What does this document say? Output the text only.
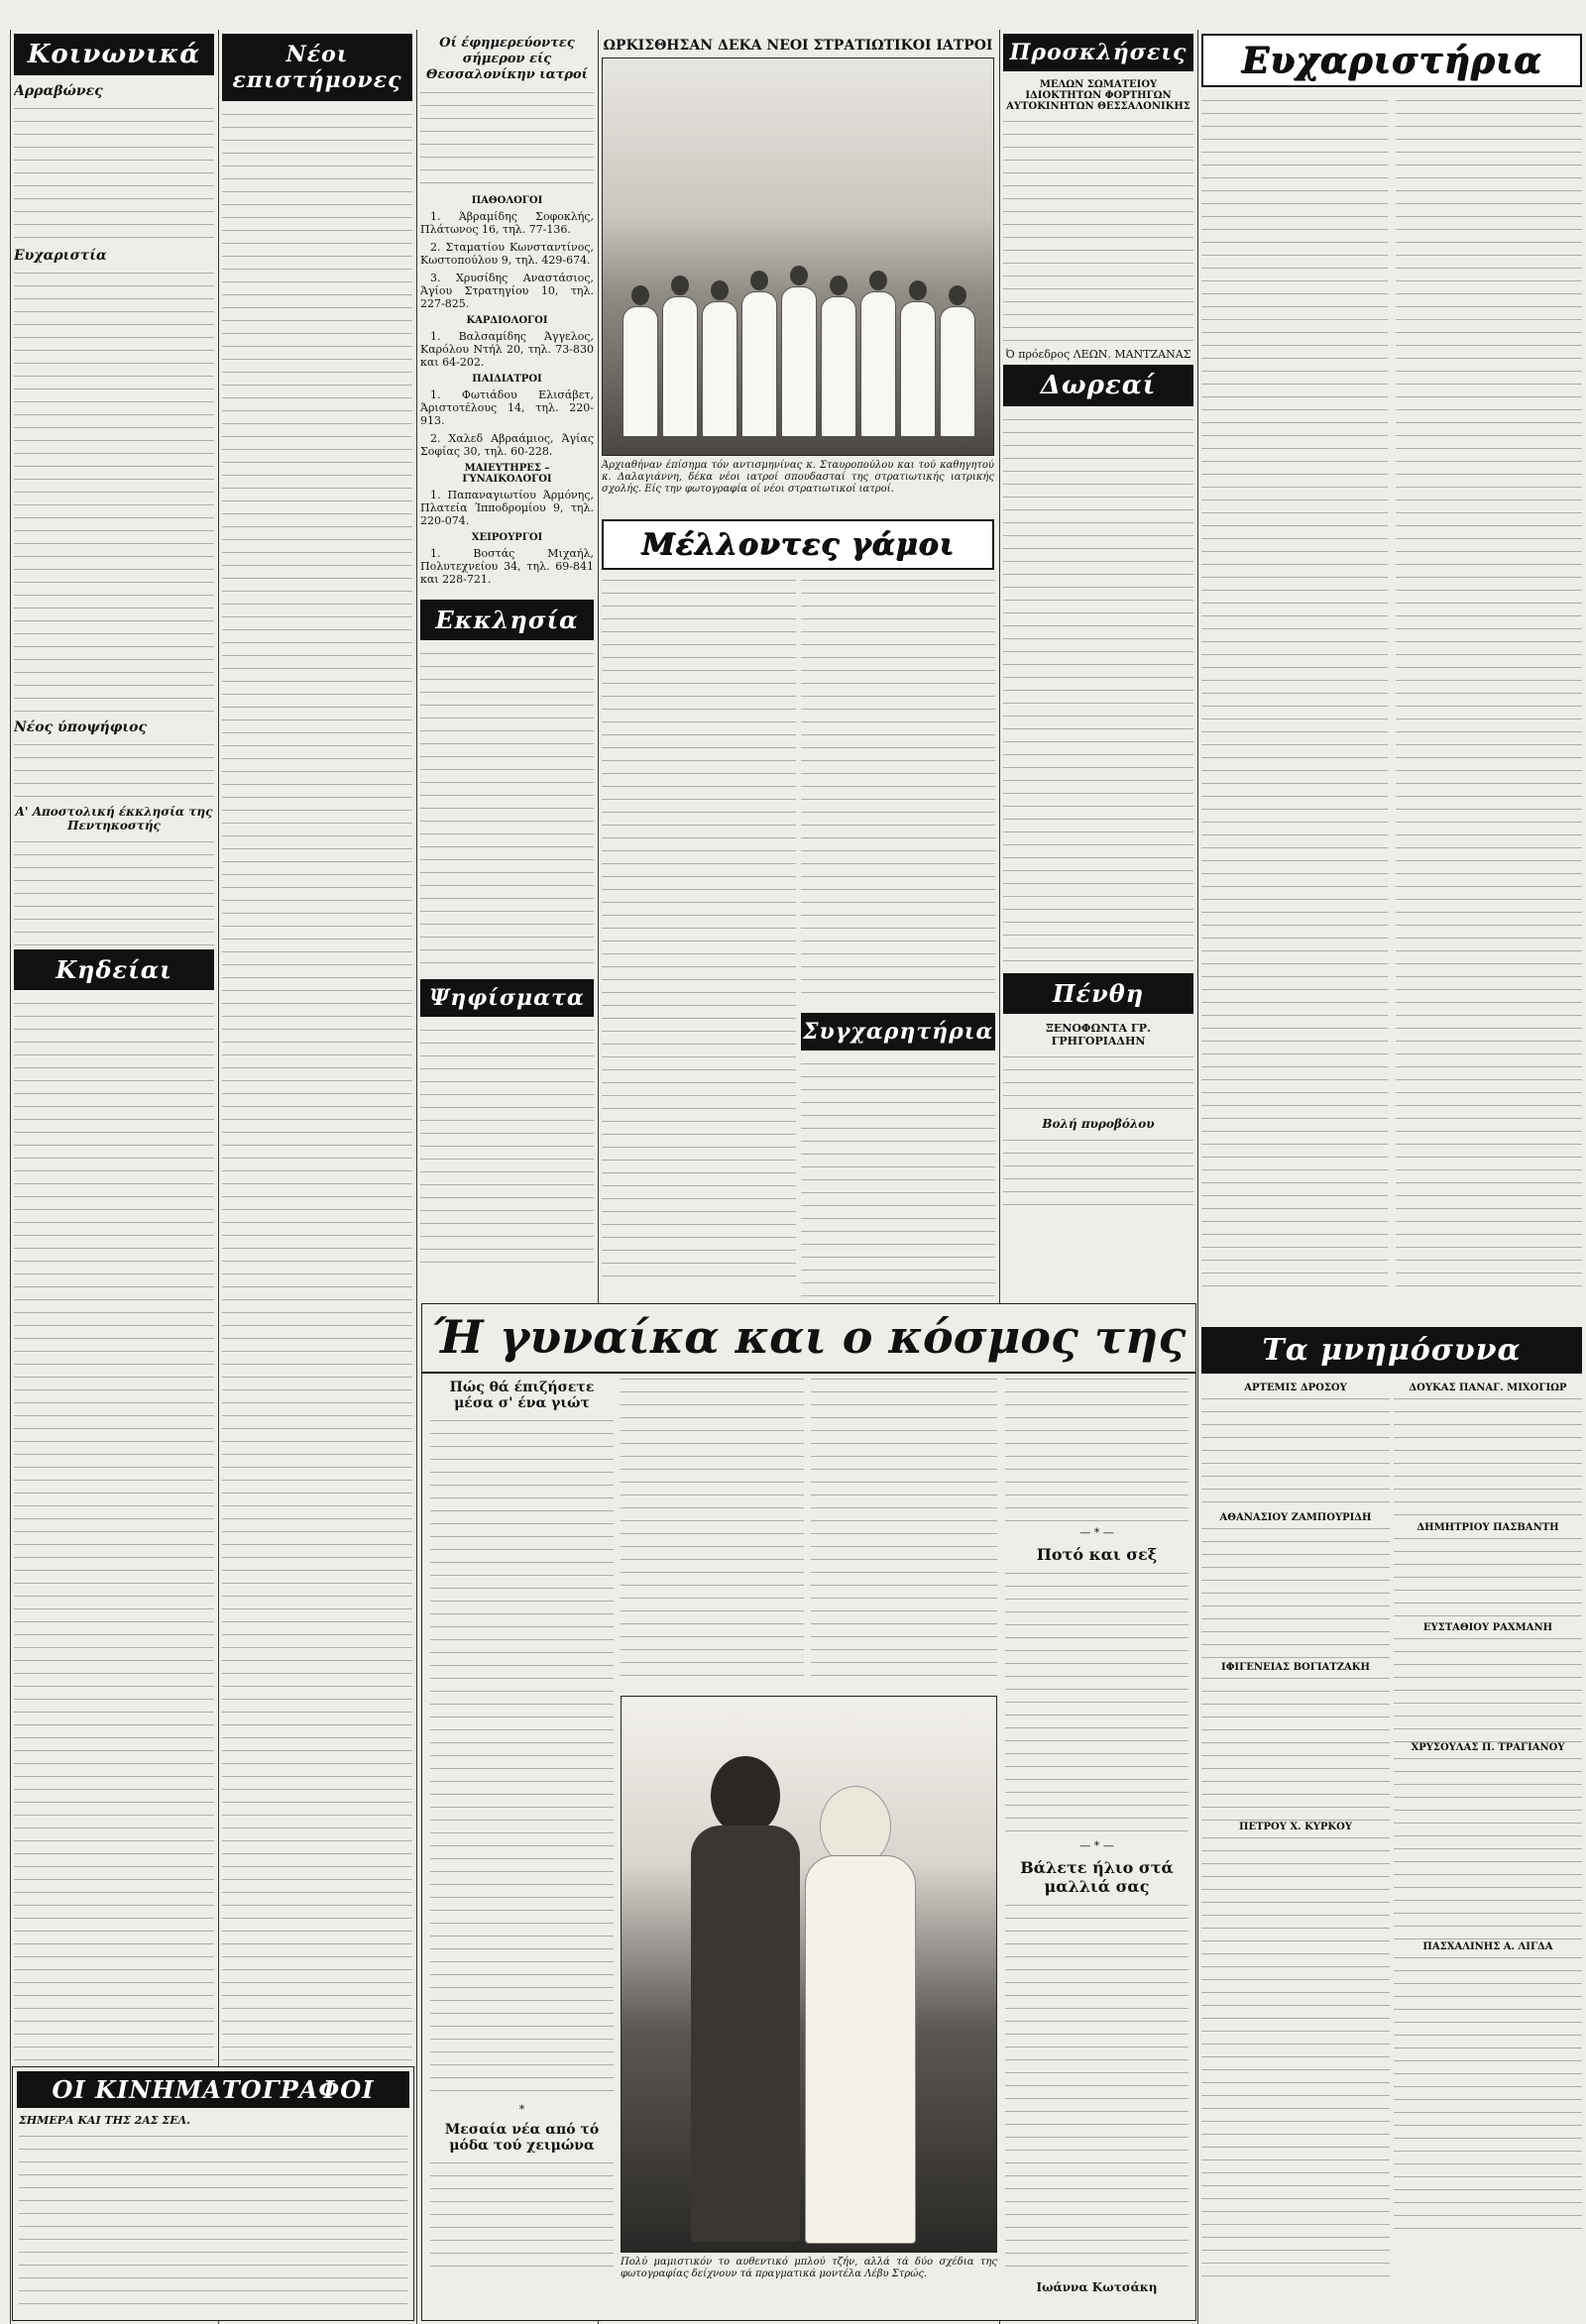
Κοινωνικά
Αρραβώνες
Ευχαριστία
Νέος ύποψήφιος
Α' Αποστολική έκκλησία της Πεντηκοστής
Κηδείαι
ΟΙ ΚΙΝΗΜΑΤΟΓΡΑΦΟΙ
ΣΗΜΕΡΑ ΚΑΙ ΤΗΣ 2ΑΣ ΣΕΛ.
Νέοι επιστήμονες
Οί έφημερεύοντες σήμερον είς Θεσσαλονίκην ιατροί
ΠΑΘΟΛΟΓΟΙ

1. Άβραμίδης Σοφοκλής, Πλάτωνος 16, τηλ. 77-136.

2. Σταματίου Κωνσταντίνος, Κωστοπούλου 9, τηλ. 429-674.

3. Χρυσίδης Αναστάσιος, Άγίου Στρατηγίου 10, τηλ. 227-825.

ΚΑΡΔΙΟΛΟΓΟΙ

1. Βαλσαμίδης Άγγελος, Καρόλου Ντήλ 20, τηλ. 73-830 και 64-202.

ΠΑΙΔΙΑΤΡΟΙ

1. Φωτιάδου Ελισάβετ, Άριστοτέλους 14, τηλ. 220-913.

2. Χαλεδ Αβραάμιος, Άγίας Σοφίας 30, τηλ. 60-228.

ΜΑΙΕΥΤΗΡΕΣ – ΓΥΝΑΙΚΟΛΟΓΟΙ

1. Παπαναγιωτίου Άρμόνης, Πλατεία Ίπποδρομίου 9, τηλ. 220-074.

ΧΕΙΡΟΥΡΓΟΙ

1. Βοστάς Μιχαήλ, Πολυτεχνείου 34, τηλ. 69-841 και 228-721.

Εκκλησία
Ψηφίσματα
ΩΡΚΙΣΘΗΣΑΝ ΔΕΚΑ ΝΕΟΙ ΣΤΡΑΤΙΩΤΙΚΟΙ ΙΑΤΡΟΙ
Άρχιαθήναν έπίσημα τόν αντισμηνίνας κ. Σταυροπούλου και τού καθηγητού κ. Δαλαγιάννη, δέκα νέοι ιατροί σπουδασταί της στρατιωτικής ιατρικής σχολής. Είς την φωτογραφία οί νέοι στρατιωτικοί ιατροί.
Μέλλοντες γάμοι
Συγχαρητήρια
Προσκλήσεις
ΜΕΛΩΝ ΣΩΜΑΤΕΙΟΥ ΙΔΙΟΚΤΗΤΩΝ ΦΟΡΤΗΓΩΝ ΑΥΤΟΚΙΝΗΤΩΝ ΘΕΣΣΑΛΟΝΙΚΗΣ
Ό πρόεδρος ΛΕΩΝ. ΜΑΝΤΖΑΝΑΣ
Δωρεαί
Πένθη
ΞΕΝΟΦΩΝΤΑ ΓΡ. ΓΡΗΓΟΡΙΑΔΗΝ
Βολή πυροβόλου
Ευχαριστήρια
Τα μνημόσυνα
ΑΡΤΕΜΙΣ ΔΡΟΣΟΥ
ΑΘΑΝΑΣΙΟΥ ΖΑΜΠΟΥΡΙΔΗ
ΙΦΙΓΕΝΕΙΑΣ ΒΟΓΙΑΤΖΑΚΗ
ΠΕΤΡΟΥ Χ. ΚΥΡΚΟΥ
ΔΟΥΚΑΣ ΠΑΝΑΓ. ΜΙΧΟΓΙΩΡ
ΔΗΜΗΤΡΙΟΥ ΠΑΣΒΑΝΤΗ
ΕΥΣΤΑΘΙΟΥ ΡΑΧΜΑΝΗ
ΧΡΥΣΟΥΛΑΣ Π. ΤΡΑΓΙΑΝΟΥ
ΠΑΣΧΑΛΙΝΗΣ Α. ΛΙΓΔΑ
Ή γυναίκα και ο κόσμος της
Πώς θά έπιζήσετε μέσα σ' ένα γιώτ
*
Μεσαία νέα από τό μόδα τού χειμώνα
Πολύ μαμιστικόν το αυθεντικό μπλού τζήν, αλλά τά δύο σχέδια της φωτογραφίας δείχνουν τά πραγματικά μοντέλα Λέβυ Στρώς.
— * —
Ποτό και σεξ
— * —
Βάλετε ήλιο στά μαλλιά σας
Ιωάννα Κωτσάκη
